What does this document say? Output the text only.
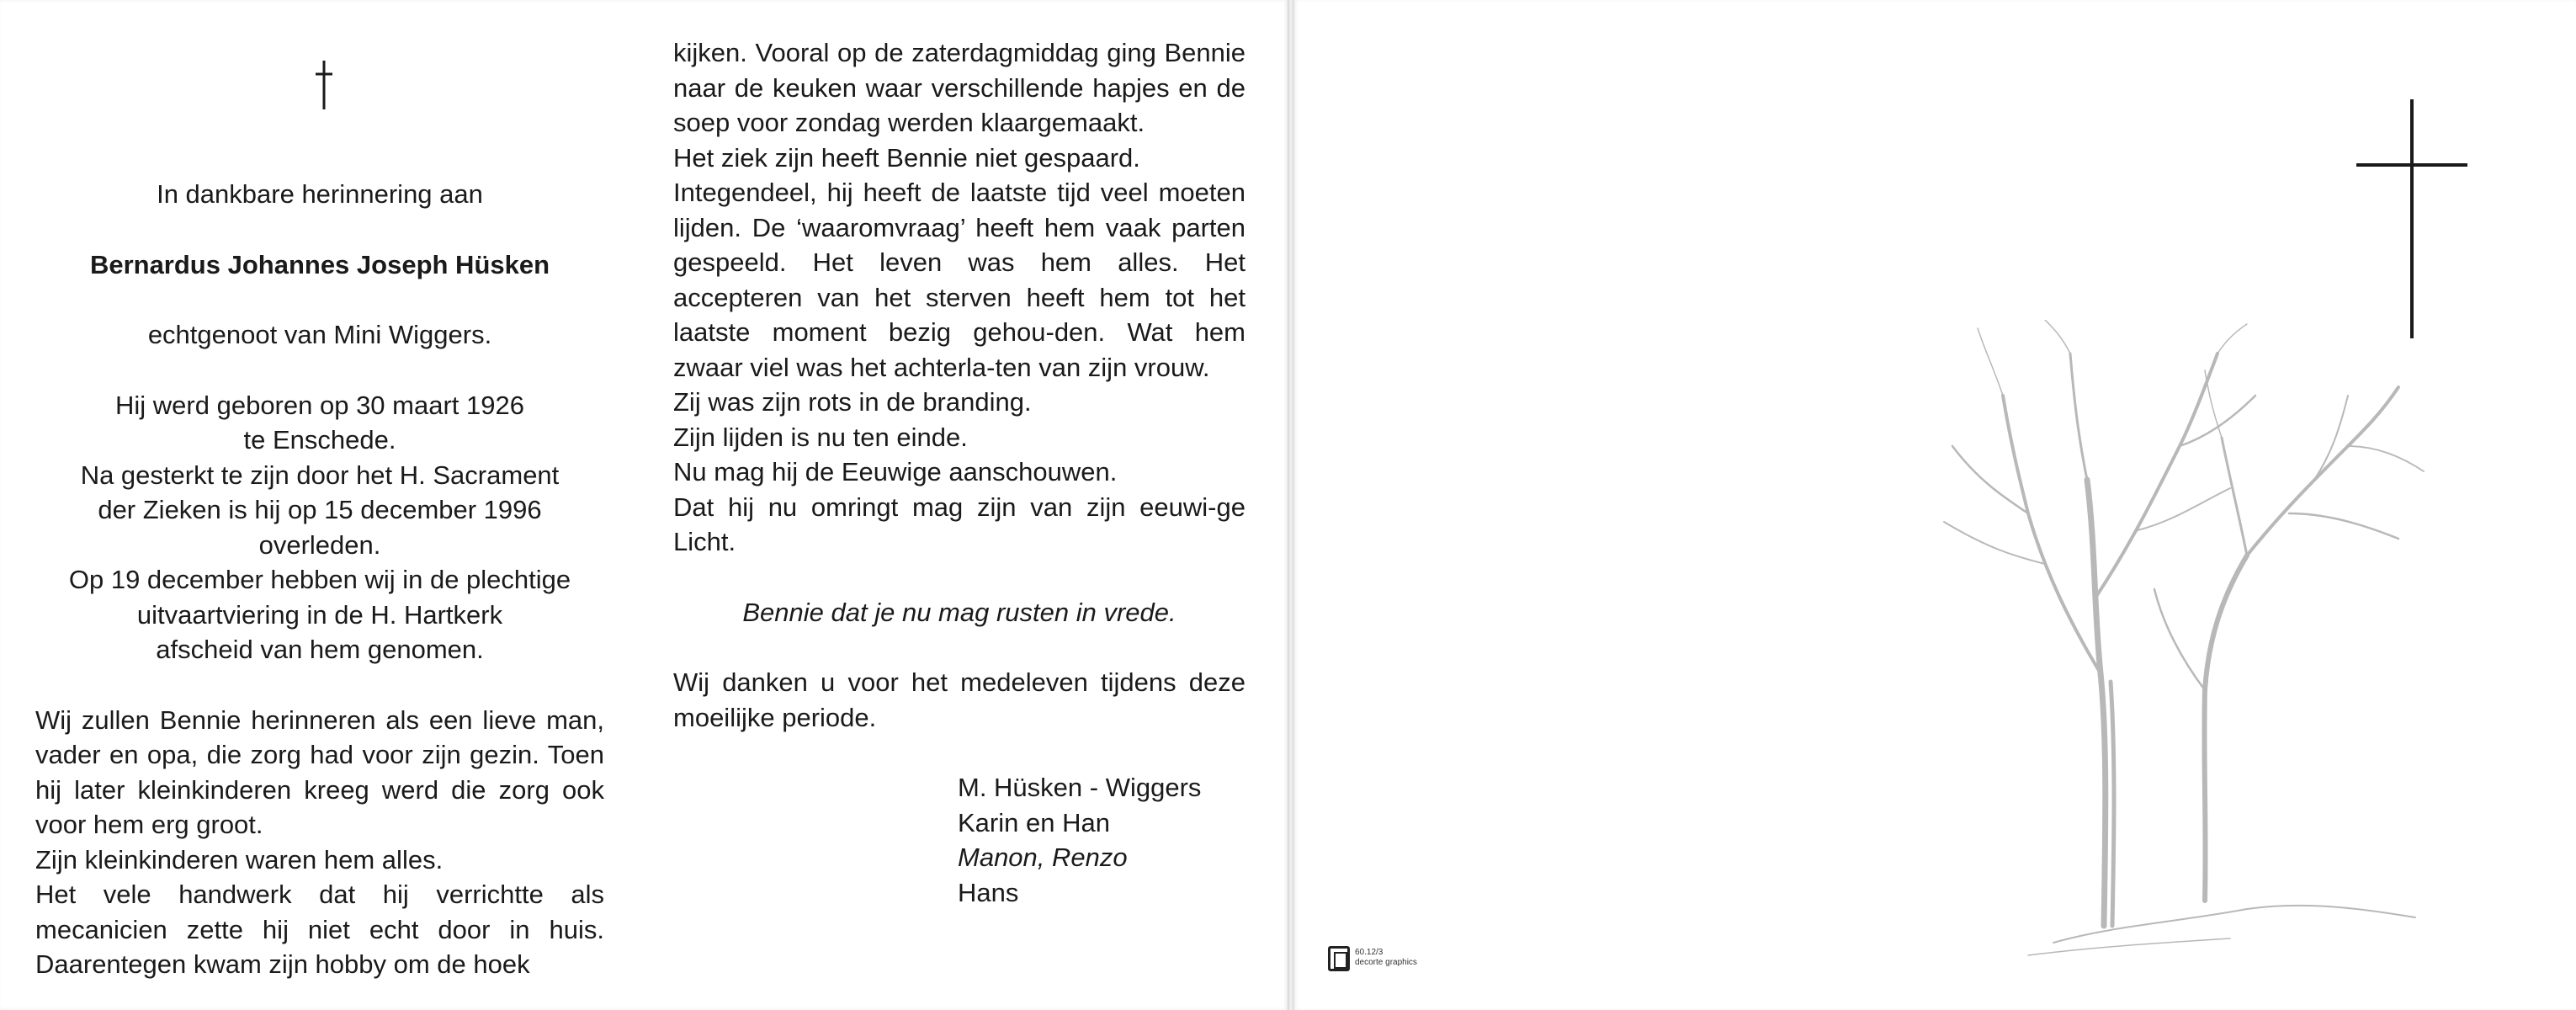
In dankbare herinnering aan
Bernardus Johannes Joseph Hüsken
echtgenoot van Mini Wiggers.
Hij werd geboren op 30 maart 1926
te Enschede.
Na gesterkt te zijn door het H. Sacrament
der Zieken is hij op 15 december 1996
overleden.
Op 19 december hebben wij in de plechtige
uitvaartviering in de H. Hartkerk
afscheid van hem genomen.
Wij zullen Bennie herinneren als een lieve man, vader en opa, die zorg had voor zijn gezin. Toen hij later kleinkinderen kreeg werd die zorg ook voor hem erg groot.
Zijn kleinkinderen waren hem alles.
Het vele handwerk dat hij verrichtte als mecanicien zette hij niet echt door in huis. Daarentegen kwam zijn hobby om de hoek
kijken. Vooral op de zaterdagmiddag ging Bennie naar de keuken waar verschillende hapjes en de soep voor zondag werden klaargemaakt.
Het ziek zijn heeft Bennie niet gespaard.
Integendeel, hij heeft de laatste tijd veel moeten lijden. De ‘waaromvraag’ heeft hem vaak parten gespeeld. Het leven was hem alles. Het accepteren van het sterven heeft hem tot het laatste moment bezig gehou-den. Wat hem zwaar viel was het achterla-ten van zijn vrouw.
Zij was zijn rots in de branding.
Zijn lijden is nu ten einde.
Nu mag hij de Eeuwige aanschouwen.
Dat hij nu omringt mag zijn van zijn eeuwi-ge Licht.
Bennie dat je nu mag rusten in vrede.
Wij danken u voor het medeleven tijdens deze moeilijke periode.
M. Hüsken - Wiggers
Karin en Han
Manon, Renzo
Hans
60.12/3
decorte graphics
